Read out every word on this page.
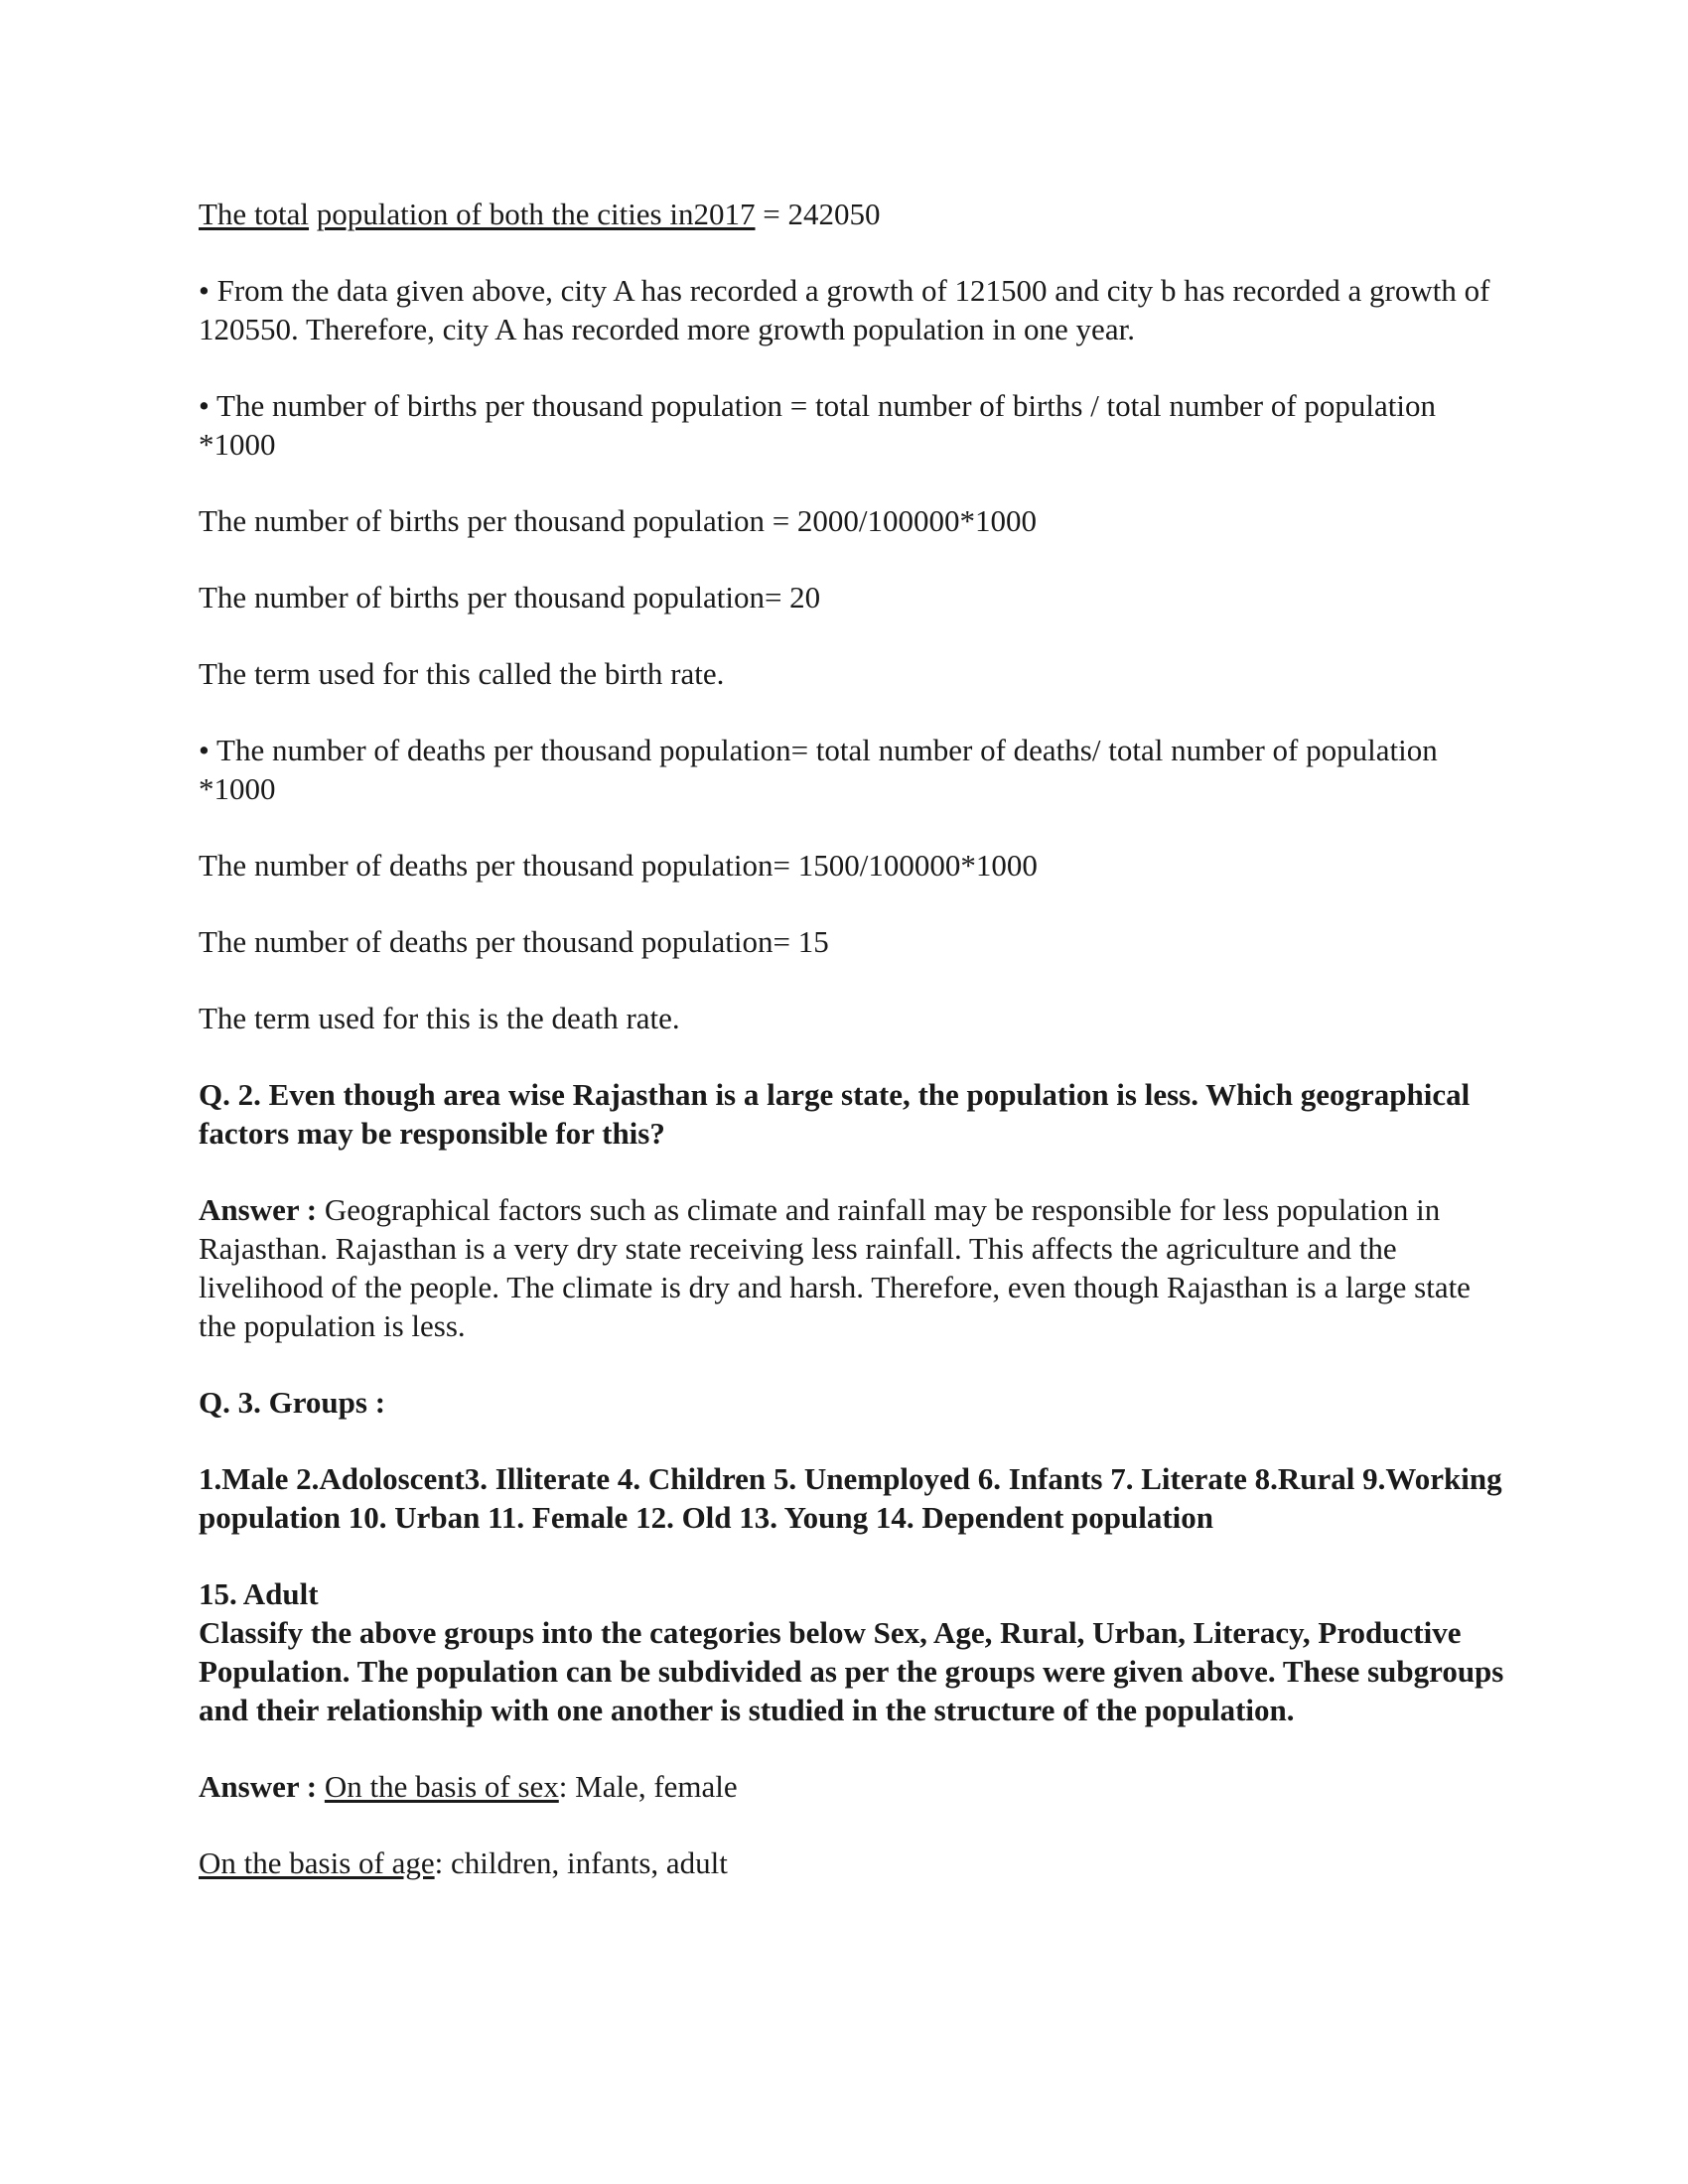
The total population of both the cities in2017 = 242050

• From the data given above, city A has recorded a growth of 121500 and city b has recorded a growth of 120550. Therefore, city A has recorded more growth population in one year.

• The number of births per thousand population = total number of births / total number of population *1000

The number of births per thousand population = 2000/100000*1000

The number of births per thousand population= 20

The term used for this called the birth rate.

• The number of deaths per thousand population= total number of deaths/ total number of population *1000

The number of deaths per thousand population= 1500/100000*1000

The number of deaths per thousand population= 15

The term used for this is the death rate.

Q. 2. Even though area wise Rajasthan is a large state, the population is less. Which geographical factors may be responsible for this?

Answer : Geographical factors such as climate and rainfall may be responsible for less population in Rajasthan. Rajasthan is a very dry state receiving less rainfall. This affects the agriculture and the livelihood of the people. The climate is dry and harsh. Therefore, even though Rajasthan is a large state the population is less.

Q. 3. Groups :

1.Male 2.Adoloscent3. Illiterate 4. Children 5. Unemployed 6. Infants 7. Literate 8.Rural 9.Working population 10. Urban 11. Female 12. Old 13. Young 14. Dependent population

15. Adult

Classify the above groups into the categories below Sex, Age, Rural, Urban, Literacy, Productive Population. The population can be subdivided as per the groups were given above. These subgroups and their relationship with one another is studied in the structure of the population.

Answer : On the basis of sex: Male, female

On the basis of age: children, infants, adult
